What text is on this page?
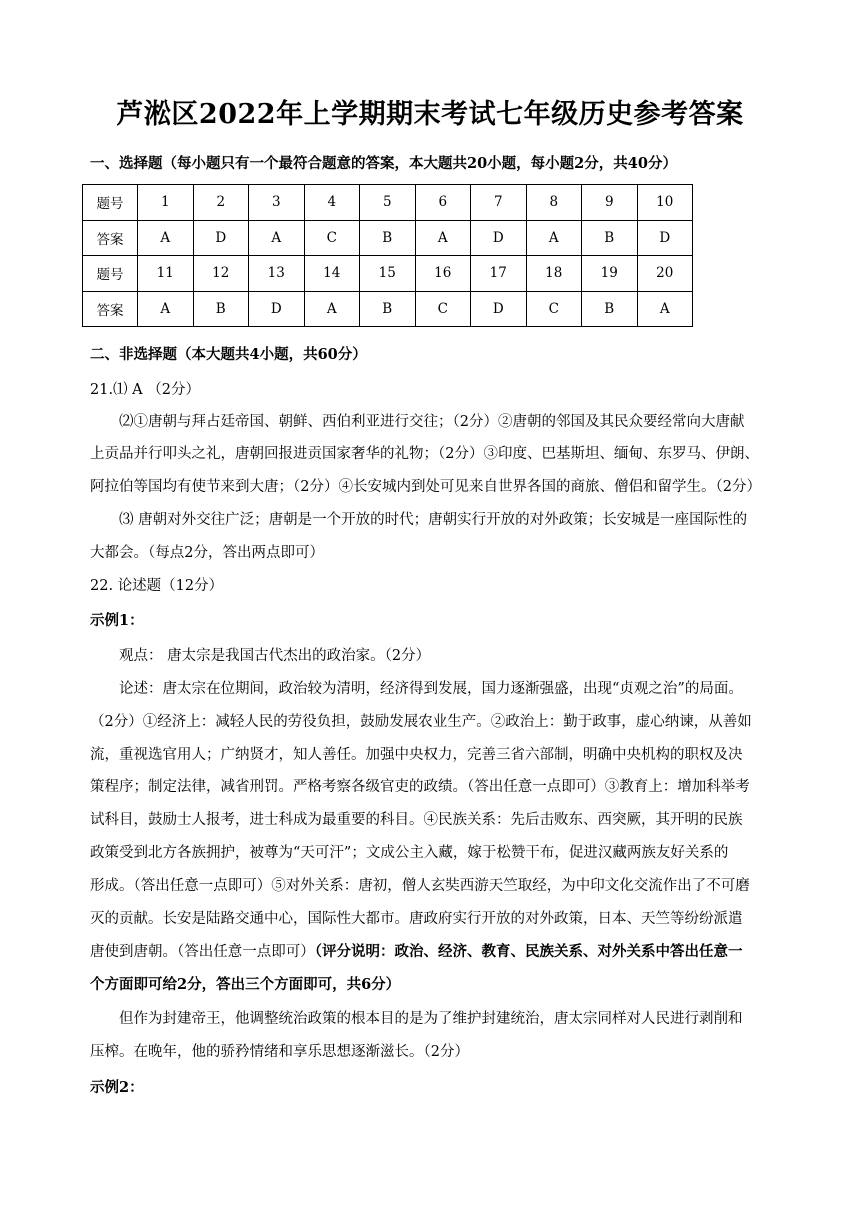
芦淞区2022年上学期期末考试七年级历史参考答案
一、选择题（每小题只有一个最符合题意的答案，本大题共20小题，每小题2分，共40分）
题号	1	2	3	4	5	6	7	8	9	10
答案	A	D	A	C	B	A	D	A	B	D
题号	11	12	13	14	15	16	17	18	19	20
答案	A	B	D	A	B	C	D	C	B	A
二、非选择题（本大题共4小题，共60分）
21.⑴ A （2分）
⑵①唐朝与拜占廷帝国、朝鲜、西伯利亚进行交往；（2分）②唐朝的邻国及其民众要经常向大唐献
上贡品并行叩头之礼，唐朝回报进贡国家奢华的礼物；（2分）③印度、巴基斯坦、缅甸、东罗马、伊朗、
阿拉伯等国均有使节来到大唐；（2分）④长安城内到处可见来自世界各国的商旅、僧侣和留学生。（2分）
⑶ 唐朝对外交往广泛；唐朝是一个开放的时代；唐朝实行开放的对外政策；长安城是一座国际性的
大都会。（每点2分，答出两点即可）
22. 论述题（12分）
示例1：
观点： 唐太宗是我国古代杰出的政治家。（2分）
论述：唐太宗在位期间，政治较为清明，经济得到发展，国力逐渐强盛，出现“贞观之治”的局面。
（2分）①经济上：减轻人民的劳役负担，鼓励发展农业生产。②政治上：勤于政事，虚心纳谏，从善如
流，重视选官用人；广纳贤才，知人善任。加强中央权力，完善三省六部制，明确中央机构的职权及决
策程序；制定法律，减省刑罚。严格考察各级官吏的政绩。（答出任意一点即可）③教育上：增加科举考
试科目，鼓励士人报考，进士科成为最重要的科目。④民族关系：先后击败东、西突厥，其开明的民族
政策受到北方各族拥护，被尊为“天可汗”；文成公主入藏，嫁于松赞干布，促进汉藏两族友好关系的
形成。（答出任意一点即可）⑤对外关系：唐初，僧人玄奘西游天竺取经，为中印文化交流作出了不可磨
灭的贡献。长安是陆路交通中心，国际性大都市。唐政府实行开放的对外政策，日本、天竺等纷纷派遣
唐使到唐朝。（答出任意一点即可）（评分说明：政治、经济、教育、民族关系、对外关系中答出任意一
个方面即可给2分，答出三个方面即可，共6分）
但作为封建帝王，他调整统治政策的根本目的是为了维护封建统治，唐太宗同样对人民进行剥削和
压榨。在晚年，他的骄矜情绪和享乐思想逐渐滋长。（2分）
示例2：
